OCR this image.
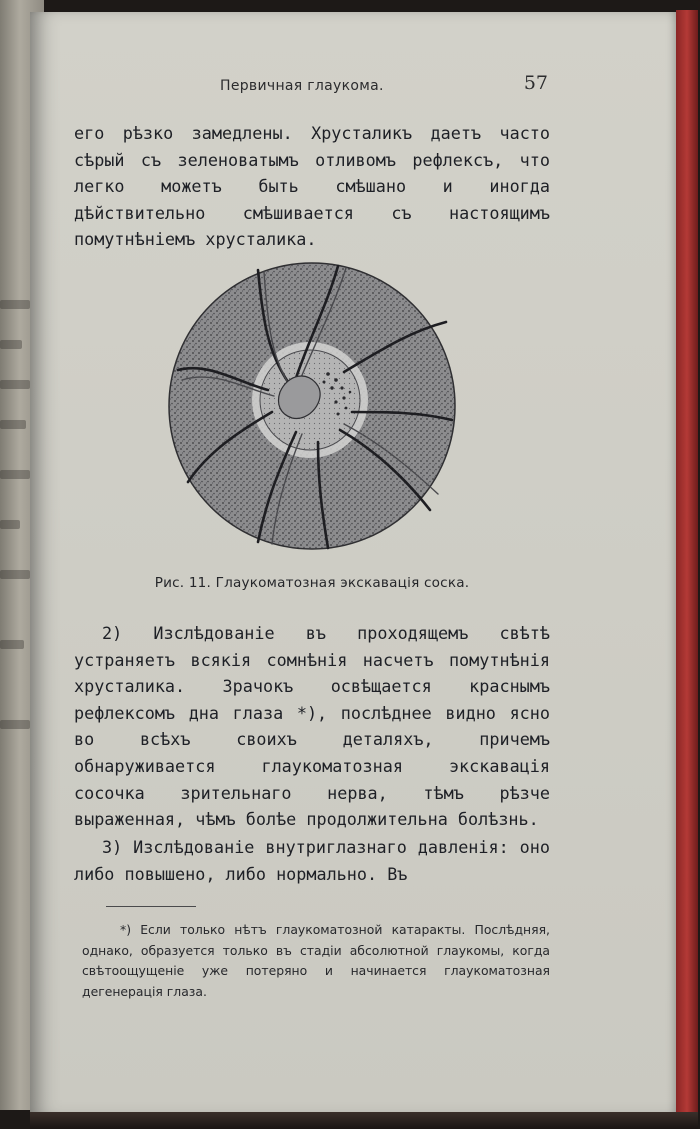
Первичная глаукома.	57

его рѣзко замедлены. Хрусталикъ даетъ часто сѣрый съ зеленоватымъ отливомъ рефлексъ, что легко можетъ быть смѣшано и иногда дѣйствительно смѣшивается съ настоящимъ помутнѣніемъ хрусталика.

Рис. 11. Глаукоматозная экскавація соска.

2) Изслѣдованіе въ проходящемъ свѣтѣ устраняетъ всякія сомнѣнія насчетъ помутнѣнія хрусталика. Зрачокъ освѣщается краснымъ рефлексомъ дна глаза *), послѣднее видно ясно во всѣхъ своихъ деталяхъ, причемъ обнаруживается глаукоматозная экскавація сосочка зрительнаго нерва, тѣмъ рѣзче выраженная, чѣмъ болѣе продолжительна болѣзнь.

3) Изслѣдованіе внутриглазнаго давленія: оно либо повышено, либо нормально. Въ

*) Если только нѣтъ глаукоматозной катаракты. Послѣдняя, однако, образуется только въ стадіи абсолютной глаукомы, когда свѣтоощущеніе уже потеряно и начинается глаукоматозная дегенерація глаза.
